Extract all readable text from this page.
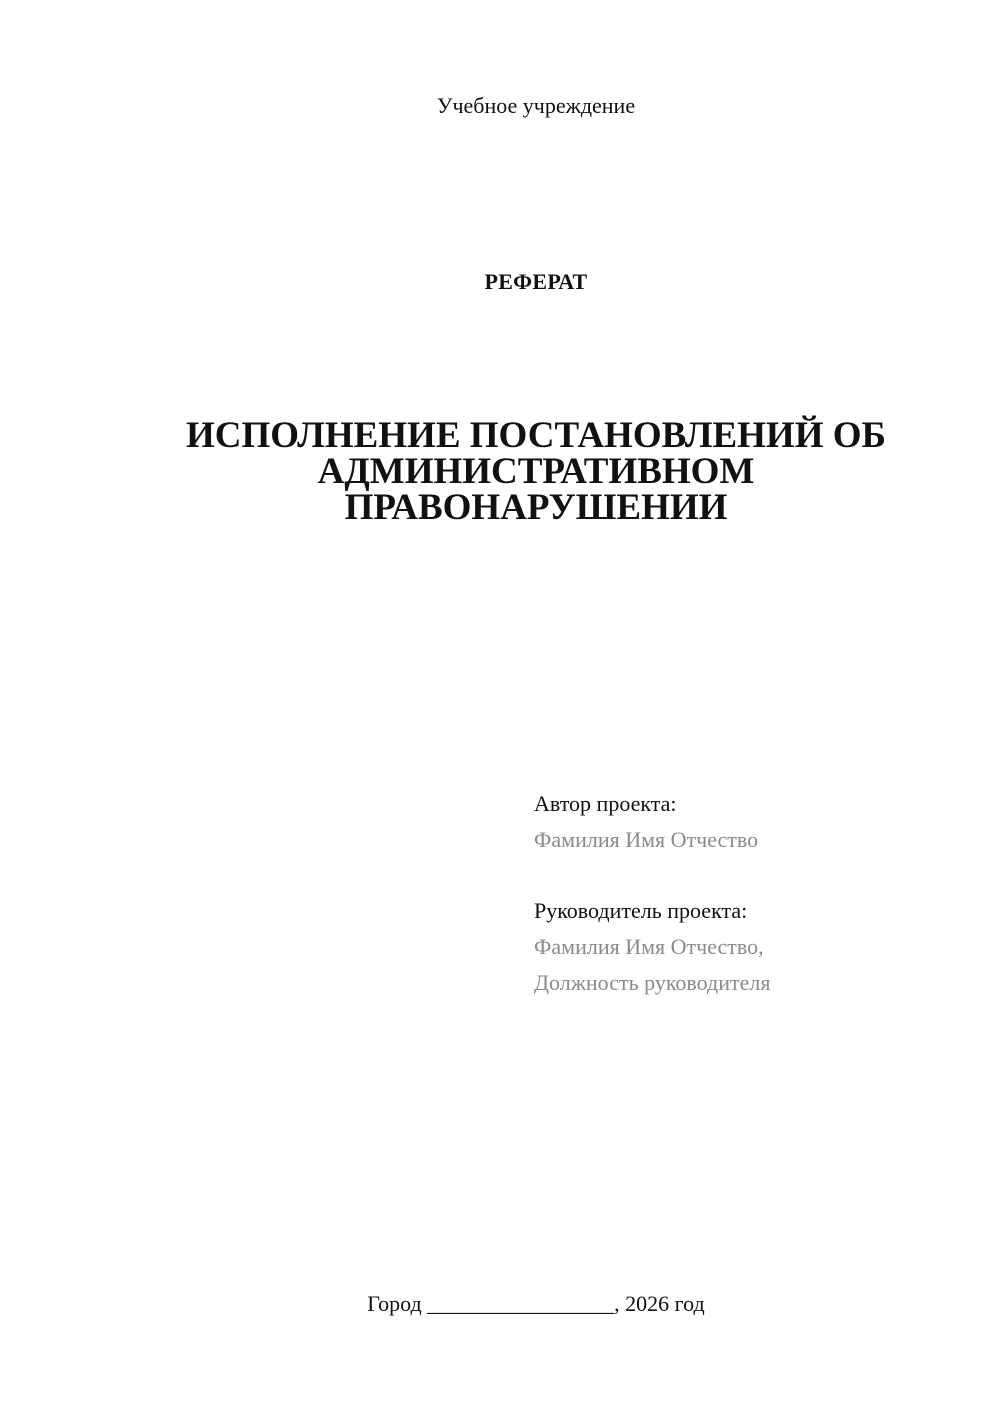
Учебное учреждение
РЕФЕРАТ
ИСПОЛНЕНИЕ ПОСТАНОВЛЕНИЙ ОБ
АДМИНИСТРАТИВНОМ
ПРАВОНАРУШЕНИИ
Автор проекта:
Фамилия Имя Отчество
Руководитель проекта:
Фамилия Имя Отчество,
Должность руководителя
Город _________________, 2026 год
